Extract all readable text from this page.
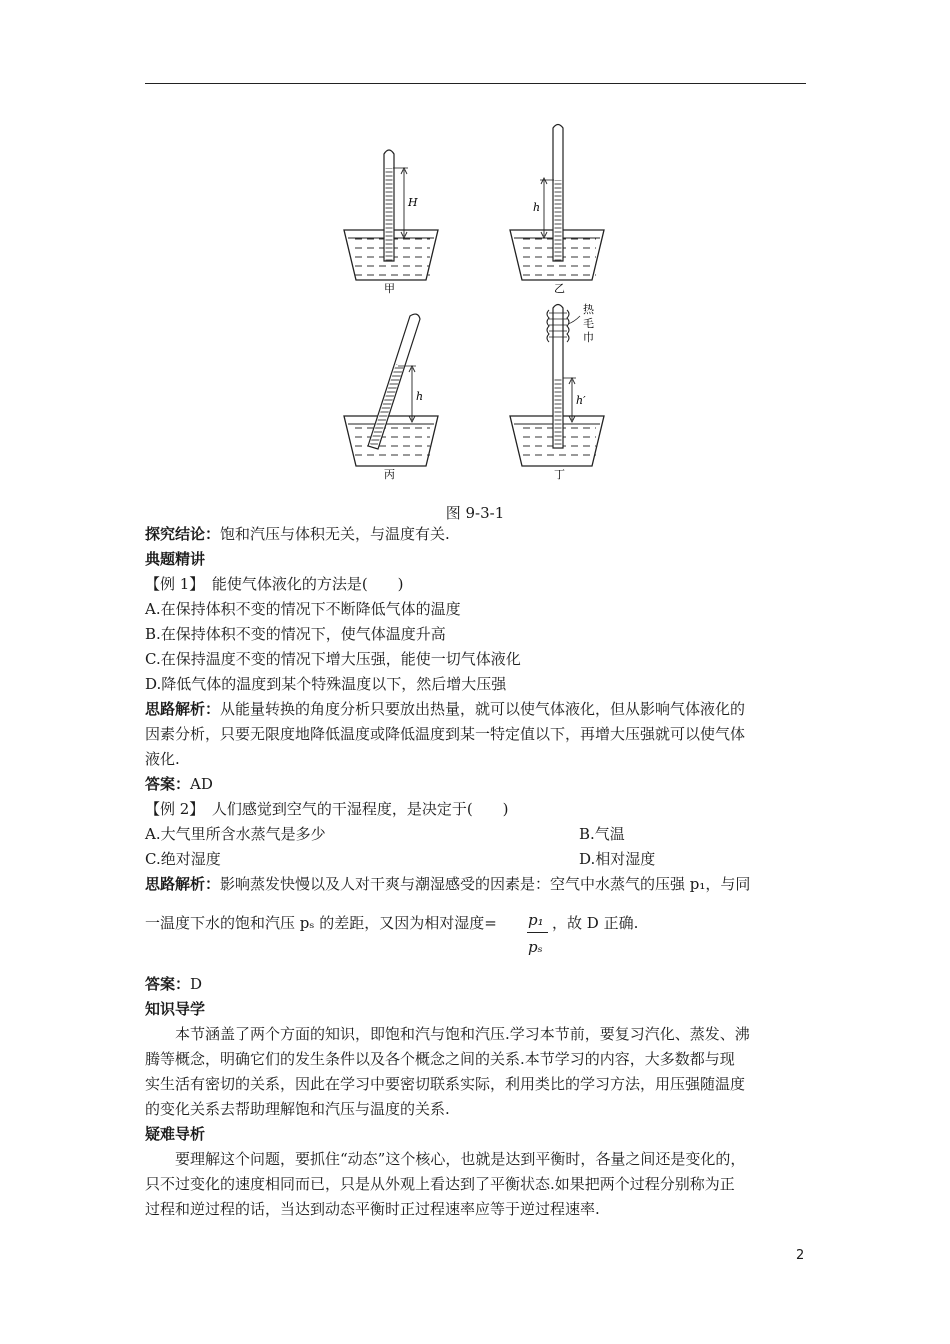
H
甲
h
乙
h
丙
热 毛 巾
h′
丁
图 9-3-1
探究结论：饱和汽压与体积无关，与温度有关.
典题精讲
【例 1】　 能使气体液化的方法是(　　)
A.在保持体积不变的情况下不断降低气体的温度
B.在保持体积不变的情况下，使气体温度升高
C.在保持温度不变的情况下增大压强，能使一切气体液化
D.降低气体的温度到某个特殊温度以下，然后增大压强
思路解析：从能量转换的角度分析只要放出热量，就可以使气体液化，但从影响气体液化的
因素分析，只要无限度地降低温度或降低温度到某一特定值以下，再增大压强就可以使气体
液化.
答案：AD
【例 2】　 人们感觉到空气的干湿程度，是决定于(　　)
A.大气里所含水蒸气是多少	B.气温
C.绝对湿度	D.相对湿度
思路解析：影响蒸发快慢以及人对干爽与潮湿感受的因素是：空气中水蒸气的压强 p₁，与同
一温度下水的饱和汽压 pₛ 的差距，又因为相对湿度= p₁
pₛ
，故 D 正确.
答案：D
知识导学
本节涵盖了两个方面的知识，即饱和汽与饱和汽压.学习本节前，要复习汽化、蒸发、沸
腾等概念，明确它们的发生条件以及各个概念之间的关系.本节学习的内容，大多数都与现
实生活有密切的关系，因此在学习中要密切联系实际，利用类比的学习方法，用压强随温度
的变化关系去帮助理解饱和汽压与温度的关系.
疑难导析
要理解这个问题，要抓住“动态”这个核心，也就是达到平衡时，各量之间还是变化的，
只不过变化的速度相同而已，只是从外观上看达到了平衡状态.如果把两个过程分别称为正
过程和逆过程的话，当达到动态平衡时正过程速率应等于逆过程速率.
2
